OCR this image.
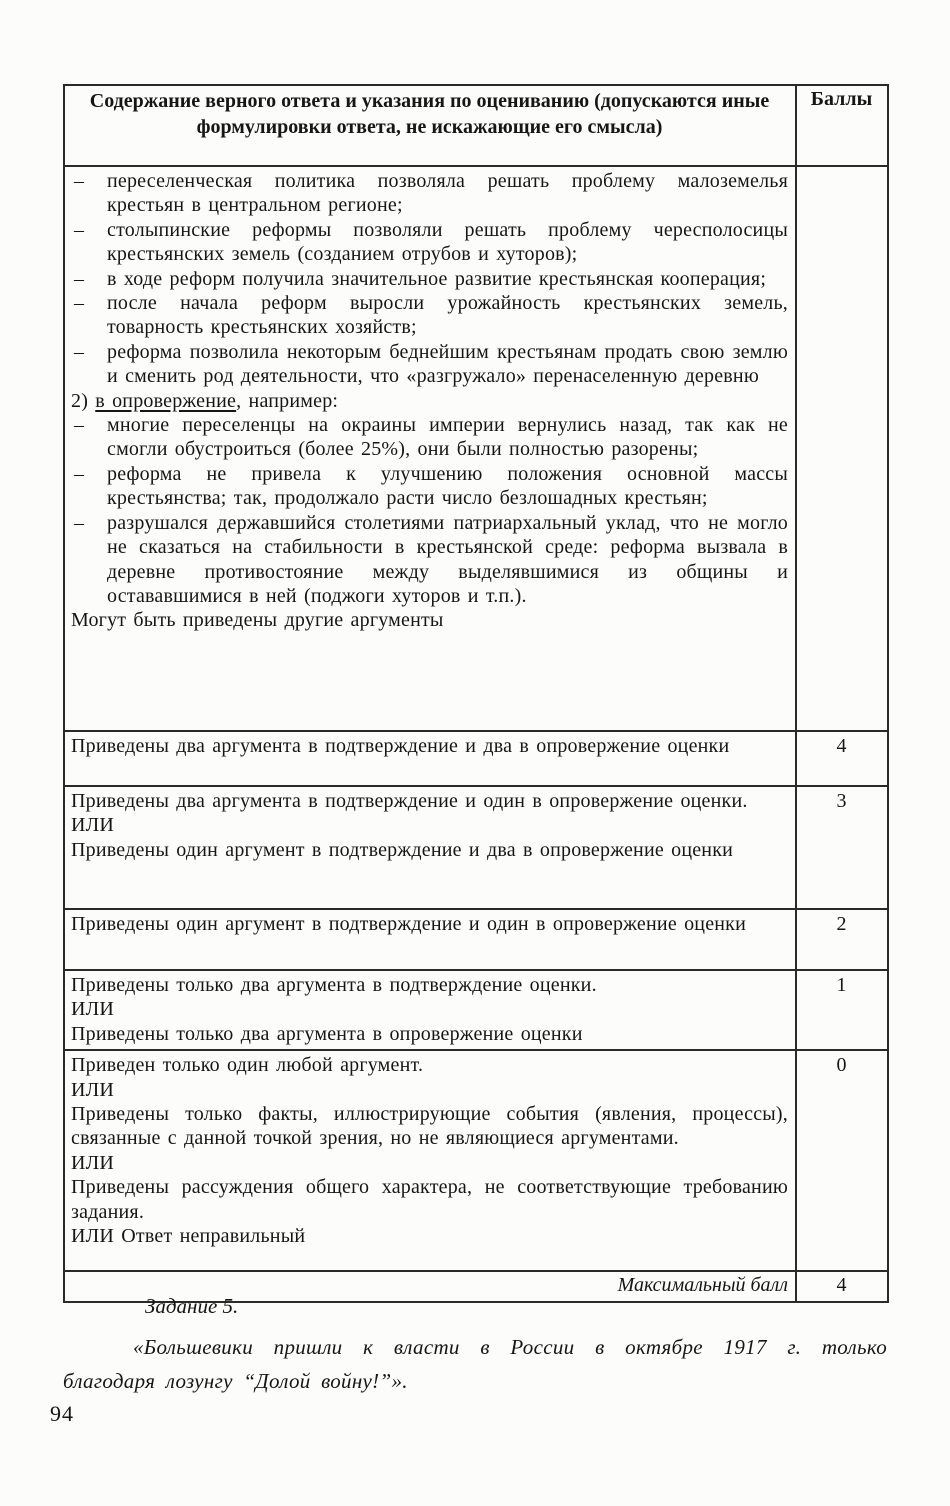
Содержание верного ответа и указания по оцениванию (допускаются иные формулировки ответа, не искажающие его смысла)	Баллы

–	переселенческая политика позволяла решать проблему малоземелья крестьян в центральном регионе;
–	столыпинские реформы позволяли решать проблему чересполосицы крестьянских земель (созданием отрубов и хуторов);
–	в ходе реформ получила значительное развитие крестьянская кооперация;
–	после начала реформ выросли урожайность крестьянских земель, товарность крестьянских хозяйств;
–	реформа позволила некоторым беднейшим крестьянам продать свою землю и сменить род деятельности, что «разгружало» перенаселенную деревню
2) в опровержение, например:
–	многие переселенцы на окраины империи вернулись назад, так как не смогли обустроиться (более 25%), они были полностью разорены;
–	реформа не привела к улучшению положения основной массы крестьянства; так, продолжало расти число безлошадных крестьян;
–	разрушался державшийся столетиями патриархальный уклад, что не могло не сказаться на стабильности в крестьянской среде: реформа вызвала в деревне противостояние между выделявшимися из общины и остававшимися в ней (поджоги хуторов и т.п.).
Могут быть приведены другие аргументы

Приведены два аргумента в подтверждение и два в опровержение оценки	4

Приведены два аргумента в подтверждение и один в опровержение оценки.
ИЛИ
Приведены один аргумент в подтверждение и два в опровержение оценки	3

Приведены один аргумент в подтверждение и один в опровержение оценки	2

Приведены только два аргумента в подтверждение оценки.
ИЛИ
Приведены только два аргумента в опровержение оценки	1

Приведен только один любой аргумент.
ИЛИ
Приведены только факты, иллюстрирующие события (явления, процессы), связанные с данной точкой зрения, но не являющиеся аргументами.
ИЛИ
Приведены рассуждения общего характера, не соответствующие требованию задания.
ИЛИ Ответ неправильный
	0
Максимальный балл	4
Задание 5.
«Большевики пришли к власти в России в октябре 1917 г. только благодаря лозунгу “Долой войну!”».
94
